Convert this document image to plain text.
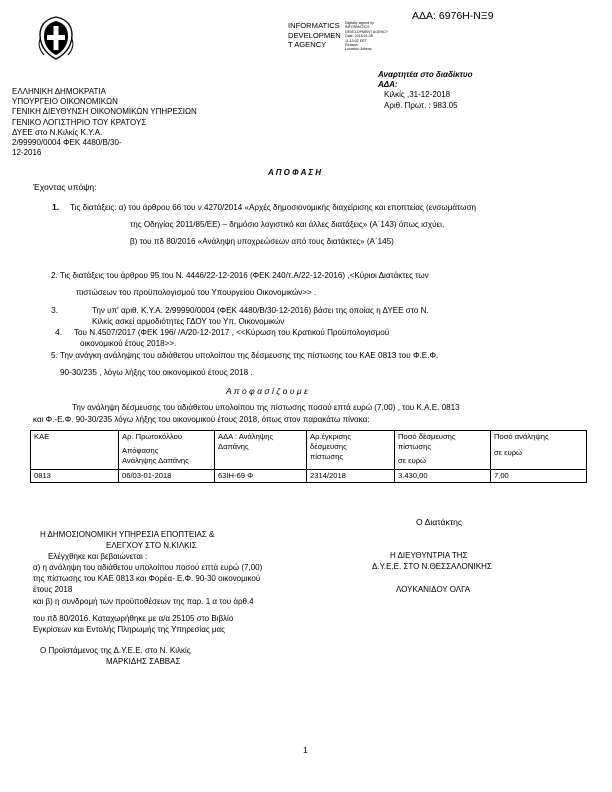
ΑΔΑ: 6976Η-ΝΞ9
INFORMATICS
DEVELOPMEN
T AGENCY
Digitally signed by
INFORMATICS
DEVELOPMENT AGENCY
Date: 2018.01.08
11:13:02 EET
Reason:
Location: Athens
Αναρτητέα στο διαδίκτυο
ΑΔΑ:
Κιλκίς ,31-12-2018
Αριθ. Πρωτ. : 983.05
ΕΛΛΗΝΙΚΗ ΔΗΜΟΚΡΑΤΙΑ
ΥΠΟΥΡΓΕΙΟ ΟΙΚΟΝΟΜΙΚΩΝ
ΓΕΝΙΚΗ ΔΙΕΥΘΥΝΣΗ ΟΙΚΟΝΟΜΙΚΩΝ ΥΠΗΡΕΣΙΩΝ
ΓΕΝΙΚΟ ΛΟΓΙΣΤΗΡΙΟ ΤΟΥ ΚΡΑΤΟΥΣ
ΔΥΕΕ στο Ν.Κιλκίς Κ.Υ.Α.
2/99990/0004 ΦΕΚ 4480/Β/30-
12-2016
Α Π Ο Φ Α Σ Η
Έχοντας υπόψη:
1. Τις διατάξεις: α) του άρθρου 66 του ν.4270/2014 «Αρχές δημοσιονομικής διαχείρισης και εποπτείας (ενσωμάτωση
της Οδηγίας 2011/85/ΕΕ) – δημόσιο λογιστικό και άλλες διατάξεις» (Α΄143) όπως ισχύει,
β) του πδ 80/2016 «Ανάληψη υποχρεώσεων από τους διατάκτες» (Α΄145)
2. Τις διατάξεις του άρθρου 95 του Ν. 4446/22-12-2016 (ΦΕΚ 240/τ.Α/22-12-2016) ,<Κύριοι Διατάκτες των
πιστώσεων του προϋπολογισμού του Υπουργείου Οικονομικών>> .
3.	Την υπ' αριθ. Κ.Υ.Α. 2/99990/0004 (ΦΕΚ 4480/Β/30-12-2016) βάσει της οποίας η ΔΥΕΕ στο Ν.
Κιλκίς ασκεί αρμοδιότητες ΓΔΟΥ του Υπ. Οικονομικών
4. Του Ν.4507/2017 (ΦΕΚ 196/ /Α/20-12-2017 , <<Κύρωση του Κρατικού Προϋπολογισμού
οικονομικού έτους 2018>>.
5. Την ανάγκη ανάληψης του αδιάθετου υπολοίπου της δέσμευσης της πίστωσης του ΚΑΕ 0813 του Φ.Ε.Φ.
90-30/235 , λόγω λήξης του οικονομικού έτους 2018 .
Α π ο φ α σ ί ζ ο υ μ ε
Την ανάληψη δέσμευσης του αδιάθετου υπολοίπου της πίστωσης ποσού επτά ευρώ (7,00) , του Κ.Α.Ε. 0813
και Φ.-Ε.Φ. 90-30/235 λόγω λήξης του οικονομικού έτους 2018, όπως στον παρακάτω πίνακα:
ΚΑΕ	Αρ. Πρωτοκόλλου
Απόφασης
Ανάληψης Δαπάνης	ΑΔΑ : Ανάληψης
Δαπάνης	Αρ.έγκρισης
δέσμευσης
πίστωσης	Ποσό δέσμευσης
πίστωσης
σε ευρώ	Ποσό ανάληψης
σε ευρώ

0813	06/03-01-2018	63ΙΗ-69 Φ	2314/2018	3.430,00	7,00
Ο Διατάκτης
Η ΔΙΕΥΘΥΝΤΡΙΑ ΤΗΣ
Δ.Υ.Ε.Ε. ΣΤΟ Ν.ΘΕΣΣΑΛΟΝΙΚΗΣ
ΛΟΥΚΑΝΙΔΟΥ ΟΛΓΑ
Η ΔΗΜΟΣΙΟΝΟΜΙΚΗ ΥΠΗΡΕΣΙΑ ΕΠΟΠΤΕΙΑΣ &
ΕΛΕΓΧΟΥ ΣΤΟ Ν.ΚΙΛΚΙΣ
Ελέγχθηκε και βεβαιώνεται :
α) η ανάληψη του αδιάθετου υπολοίπου ποσού επτά ευρώ (7,00)
της πίστωσης του ΚΑΕ 0813 και Φορέα- Ε.Φ. 90-30 οικονομικού
έτους 2018
και β) η συνδρομή των προϋποθέσεων της παρ. 1 α του άρθ.4
του πδ 80/2016. Καταχωρήθηκε με α/α 25105 στο Βιβλίο
Εγκρίσεων και Εντολής Πληρωμής της Υπηρεσίας μας
Ο Προϊστάμενος της Δ.Υ.Ε.Ε. στο Ν. Κιλκίς
ΜΑΡΚΙΔΗΣ ΣΑΒΒΑΣ
1
